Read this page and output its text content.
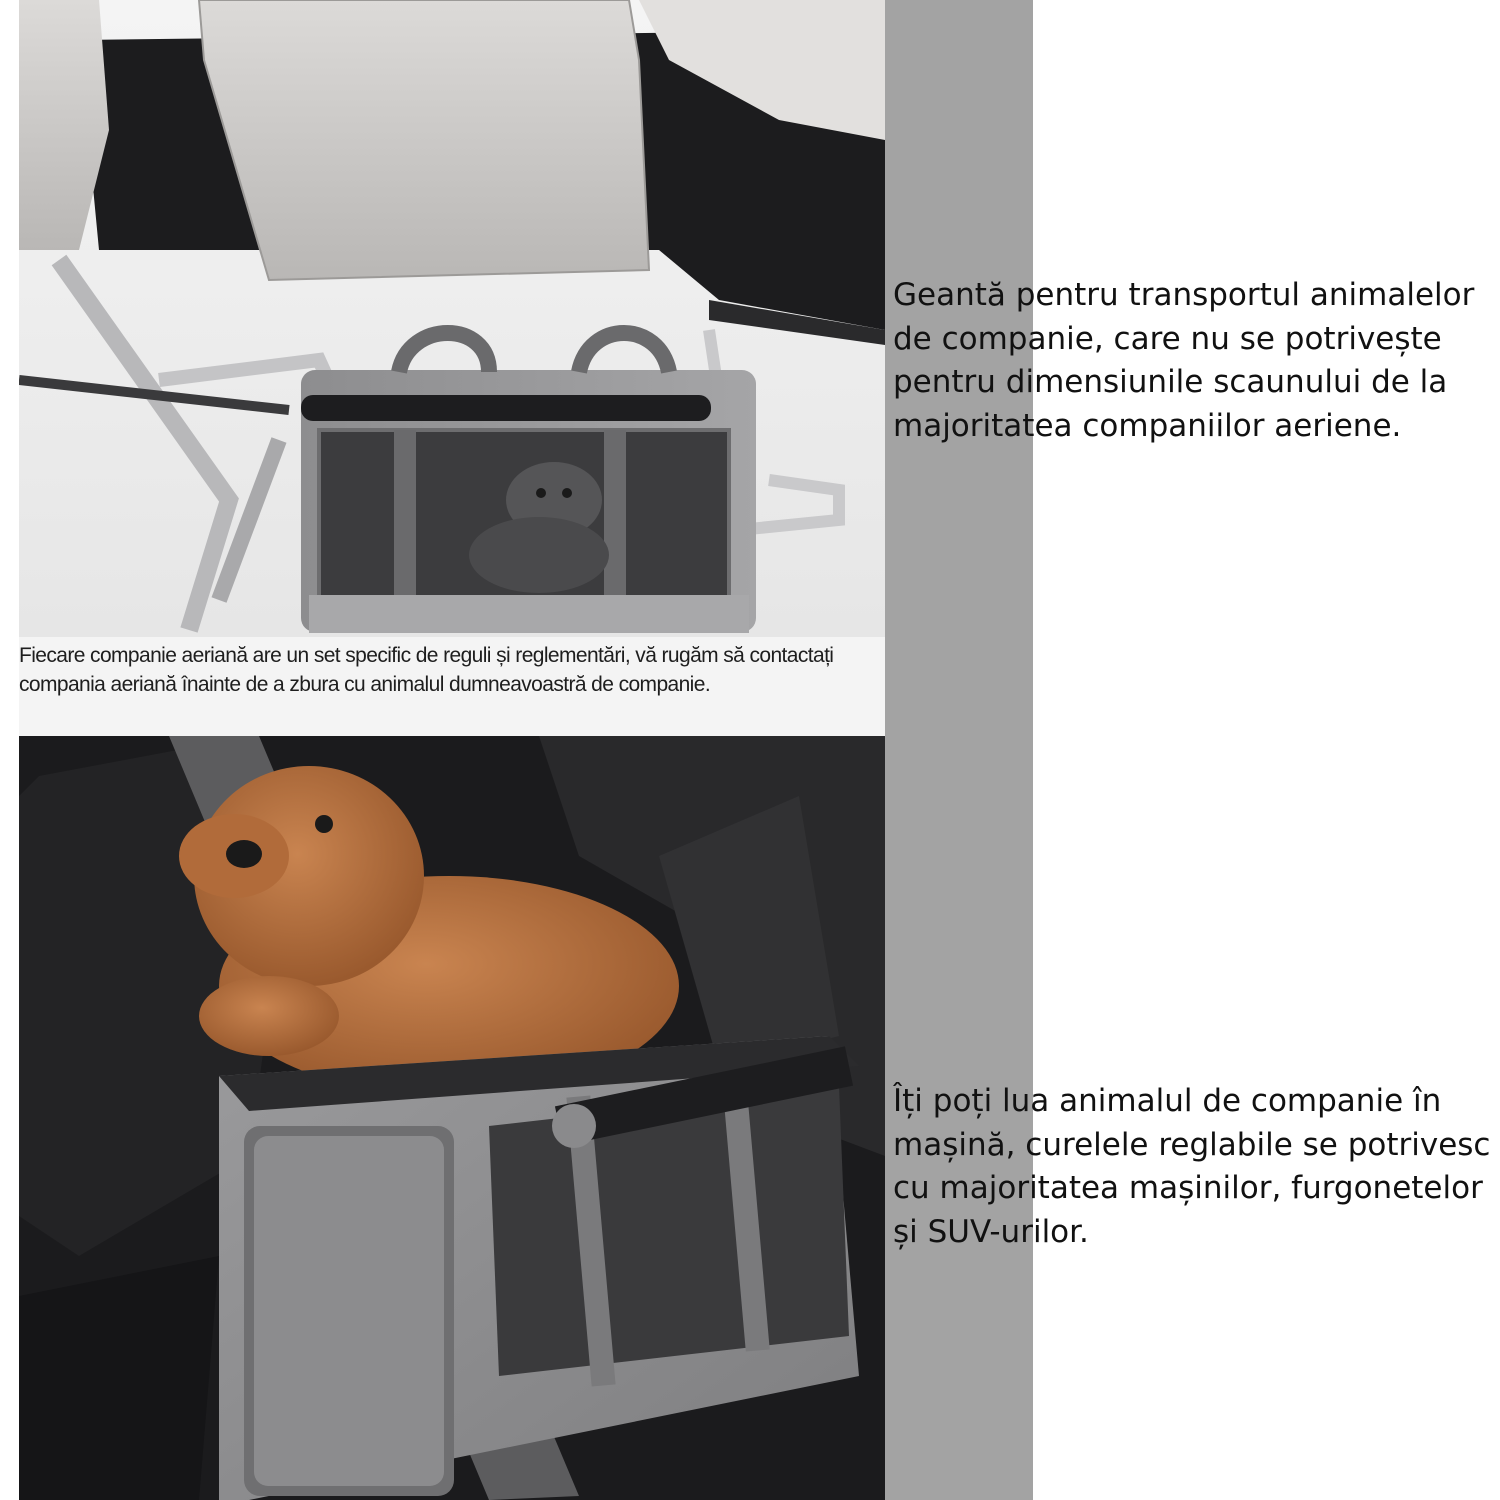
Fiecare companie aeriană are un set specific de reguli și reglementări, vă rugăm să contactați compania aeriană înainte de a zbura cu animalul dumneavoastră de companie.
Geantă pentru transportul animalelor de companie, care nu se potrivește pentru dimensiunile scaunului de la majoritatea companiilor aeriene.
Îți poți lua animalul de companie în mașină, curelele reglabile se potrivesc cu majoritatea mașinilor, furgonetelor și SUV-urilor.
